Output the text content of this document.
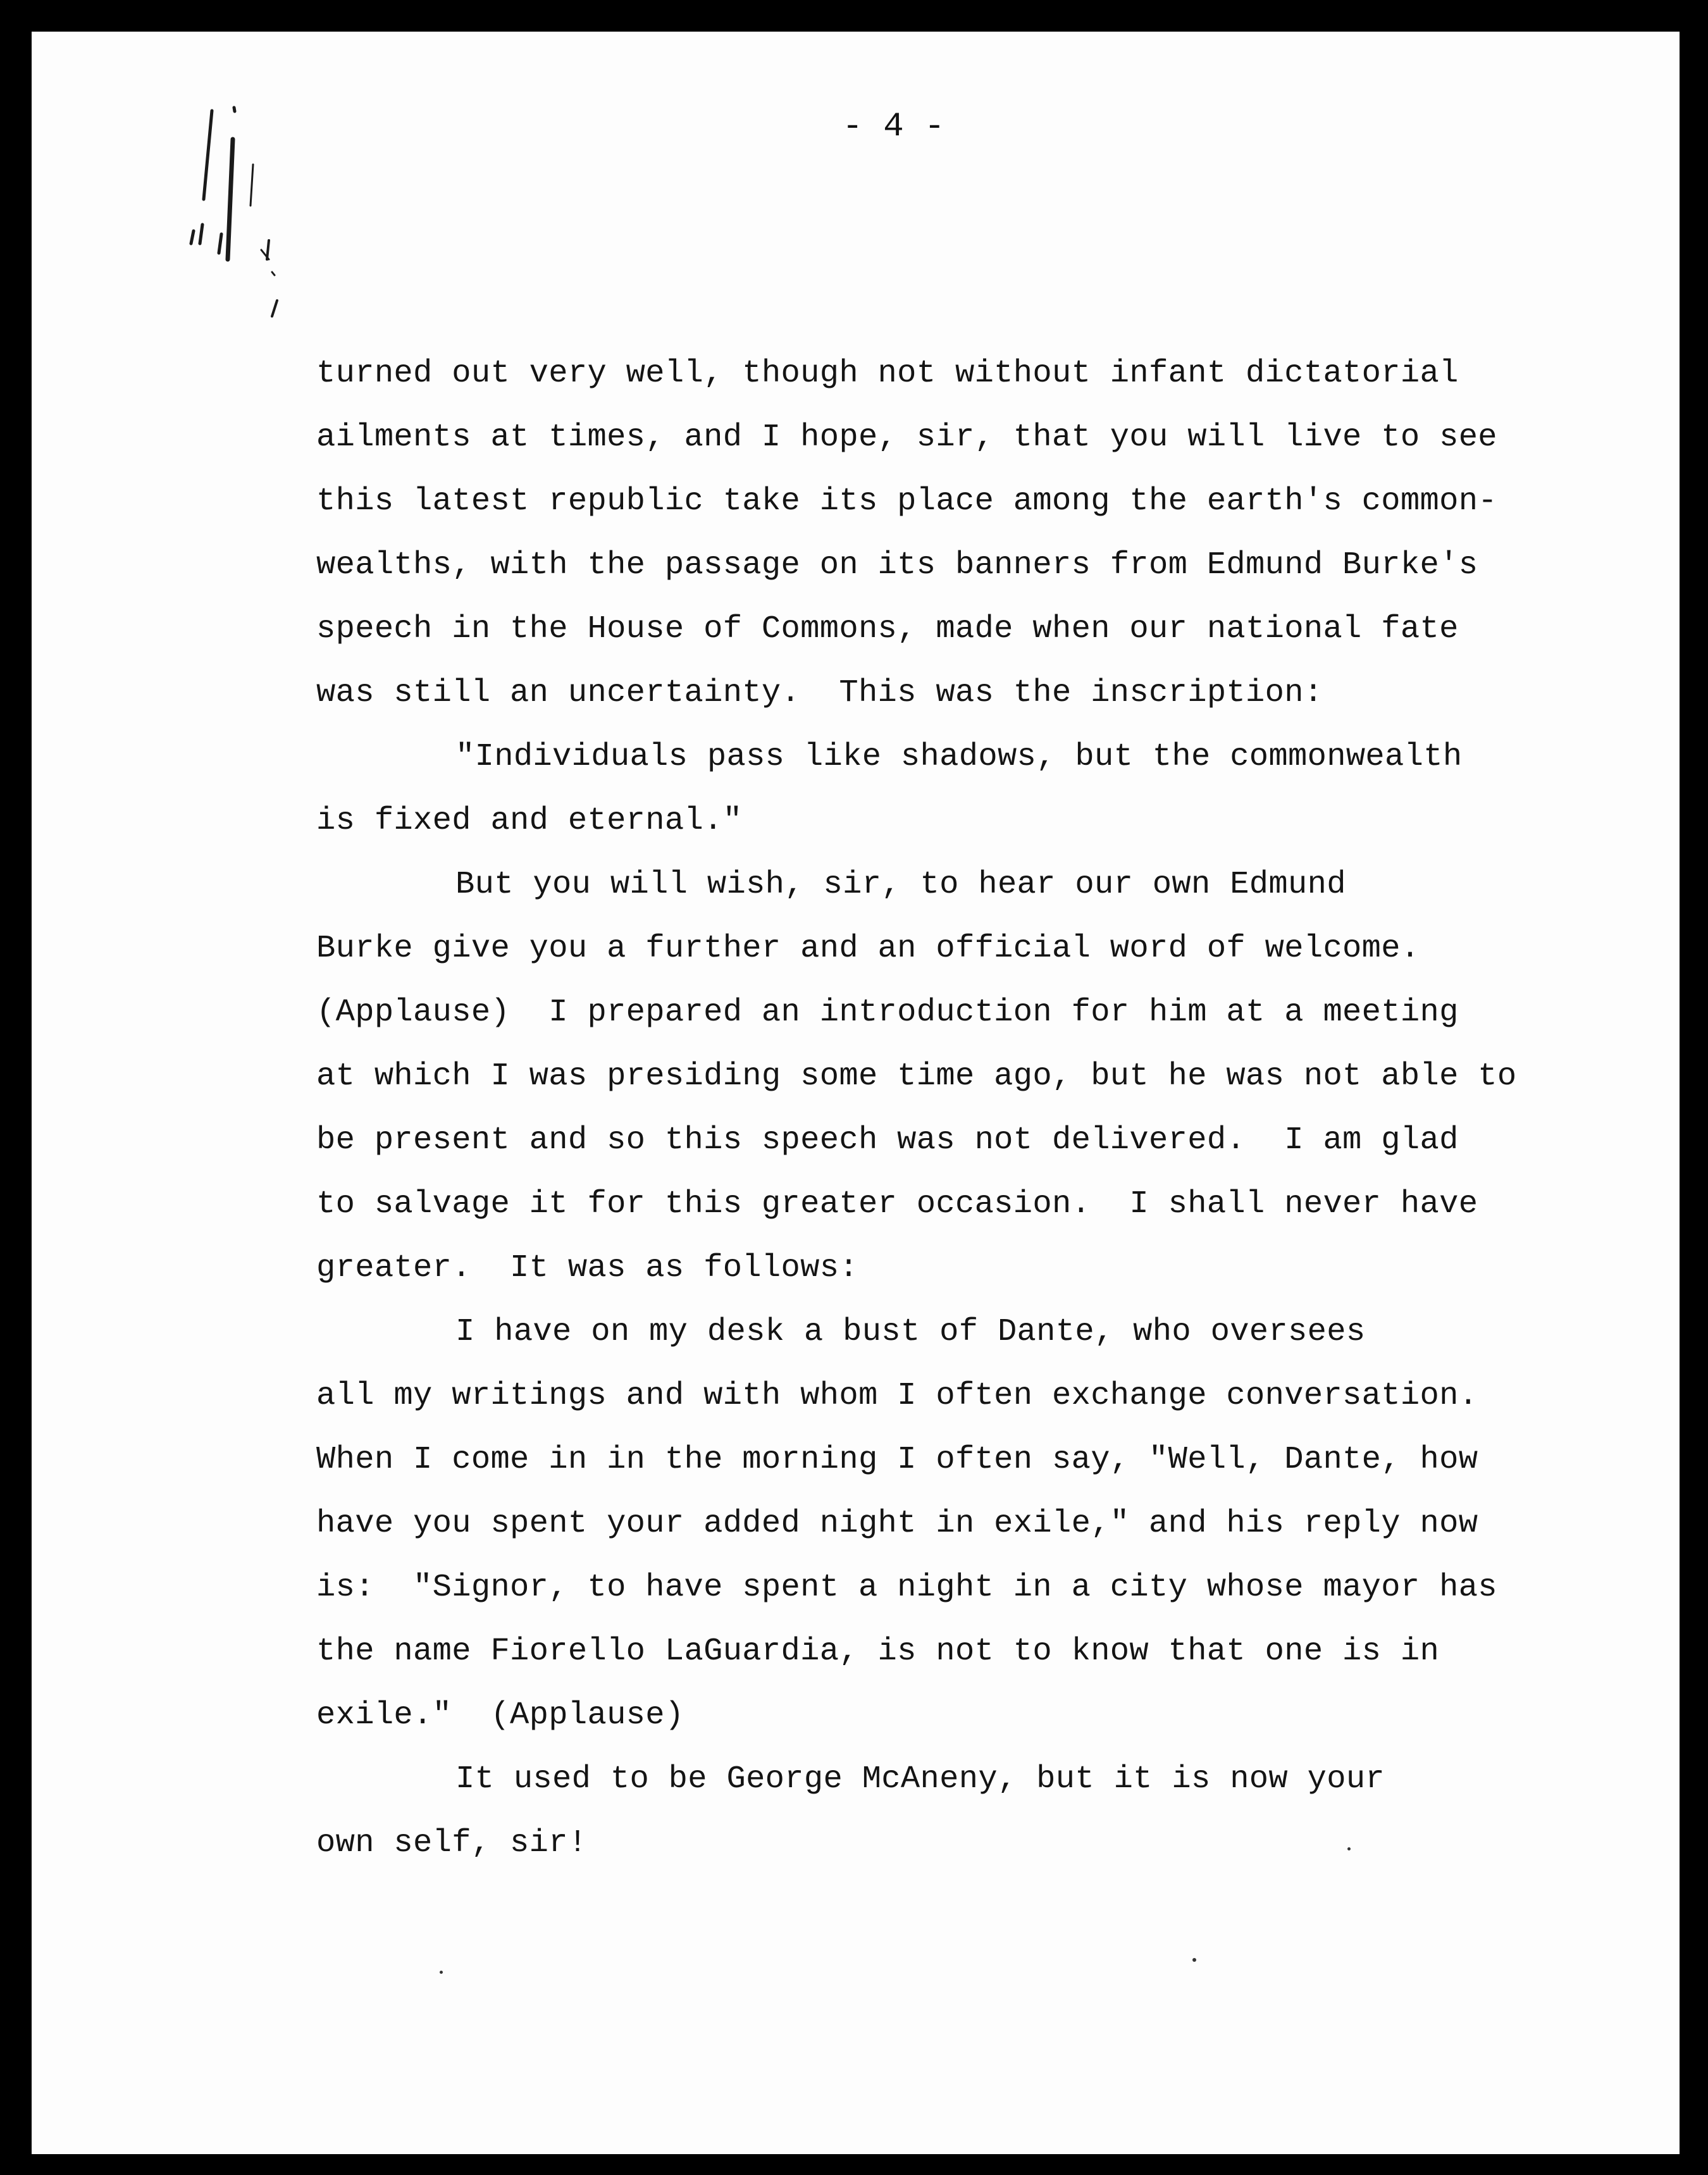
- 4 -
turned out very well, though not without infant dictatorial
ailments at times, and I hope, sir, that you will live to see
this latest republic take its place among the earth's common-
wealths, with the passage on its banners from Edmund Burke's
speech in the House of Commons, made when our national fate
was still an uncertainty.  This was the inscription:
"Individuals pass like shadows, but the commonwealth
is fixed and eternal."
But you will wish, sir, to hear our own Edmund
Burke give you a further and an official word of welcome.
(Applause)  I prepared an introduction for him at a meeting
at which I was presiding some time ago, but he was not able to
be present and so this speech was not delivered.  I am glad
to salvage it for this greater occasion.  I shall never have
greater.  It was as follows:
I have on my desk a bust of Dante, who oversees
all my writings and with whom I often exchange conversation.
When I come in in the morning I often say, "Well, Dante, how
have you spent your added night in exile," and his reply now
is:  "Signor, to have spent a night in a city whose mayor has
the name Fiorello LaGuardia, is not to know that one is in
exile."  (Applause)
It used to be George McAneny, but it is now your
own self, sir!
